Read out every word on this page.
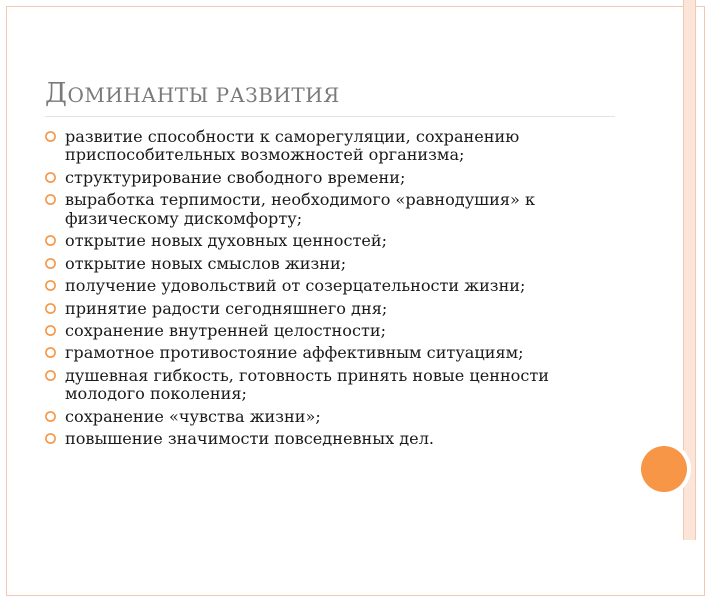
ДОМИНАНТЫ РАЗВИТИЯ
развитие способности к саморегуляции, сохранению приспособительных возможностей организма;
структурирование свободного времени;
выработка терпимости, необходимого «равнодушия» к физическому дискомфорту;
открытие новых духовных ценностей;
открытие новых смыслов жизни;
получение удовольствий от созерцательности жизни;
принятие радости сегодняшнего дня;
сохранение внутренней целостности;
грамотное противостояние аффективным ситуациям;
душевная гибкость, готовность принять новые ценности молодого поколения;
сохранение «чувства жизни»;
повышение значимости повседневных дел.
